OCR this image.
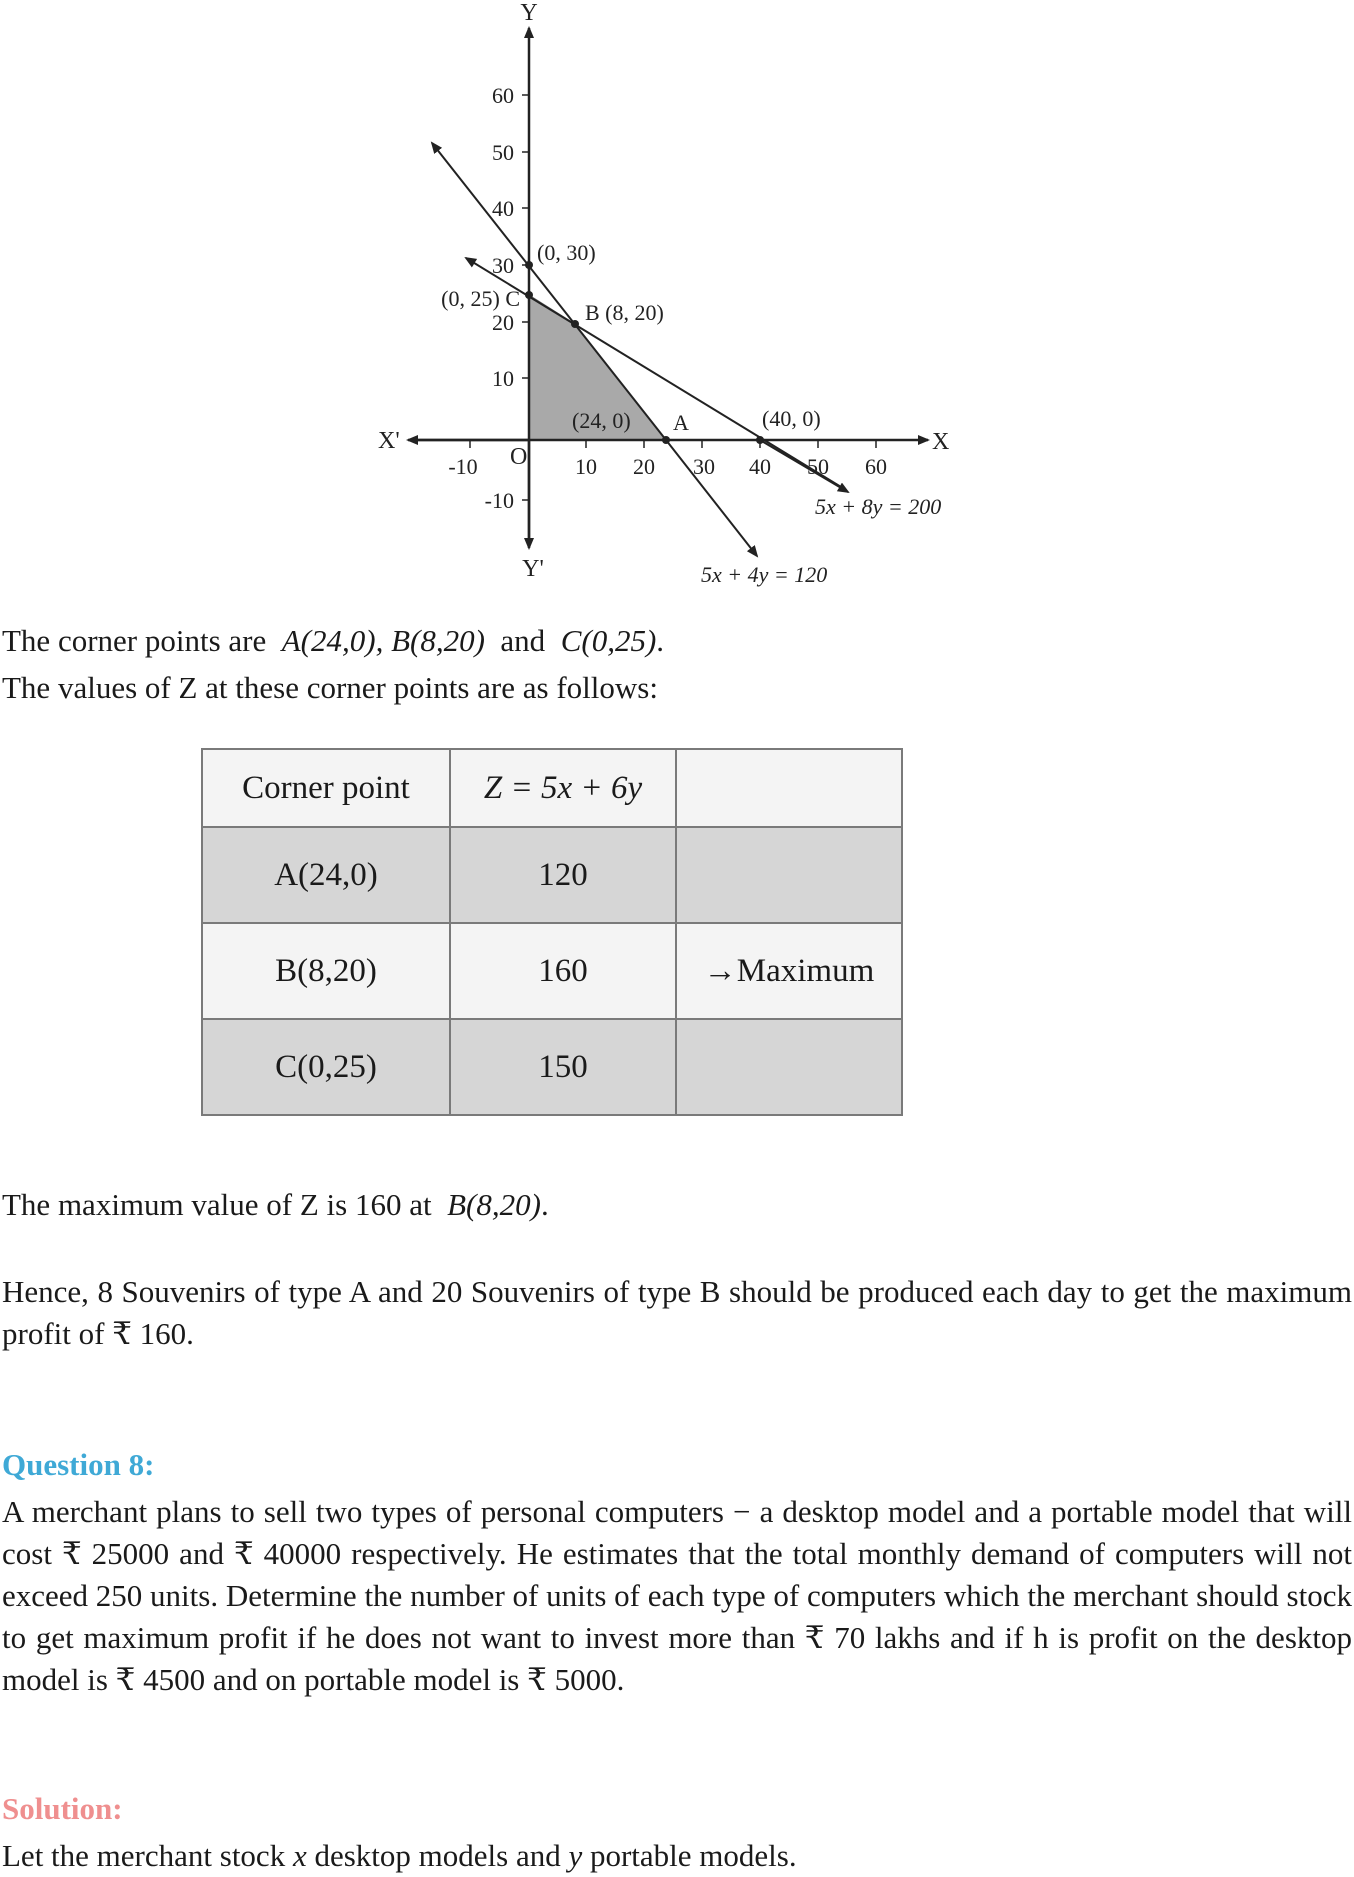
60
50
40
30
20
10
-10
-10	10 20 30 40 50 60
Y
Y'
X
X'
O
(0, 30)
(0, 25) C
B (8, 20)
(24, 0) A	(40, 0)
5x + 8y = 200
5x + 4y = 120

The corner points are A(24,0), B(8,20) and C(0,25).

The values of Z at these corner points are as follows:

Corner point	Z = 5x + 6y	
A(24,0)	120	
B(8,20)	160	→Maximum
C(0,25)	150	

The maximum value of Z is 160 at B(8,20).

Hence, 8 Souvenirs of type A and 20 Souvenirs of type B should be produced each day to get the maximum profit of ₹ 160.

Question 8:

A merchant plans to sell two types of personal computers − a desktop model and a portable model that will cost ₹ 25000 and ₹ 40000 respectively. He estimates that the total monthly demand of computers will not exceed 250 units. Determine the number of units of each type of computers which the merchant should stock to get maximum profit if he does not want to invest more than ₹ 70 lakhs and if h is profit on the desktop model is ₹ 4500 and on portable model is ₹ 5000.

Solution:

Let the merchant stock x desktop models and y portable models.
